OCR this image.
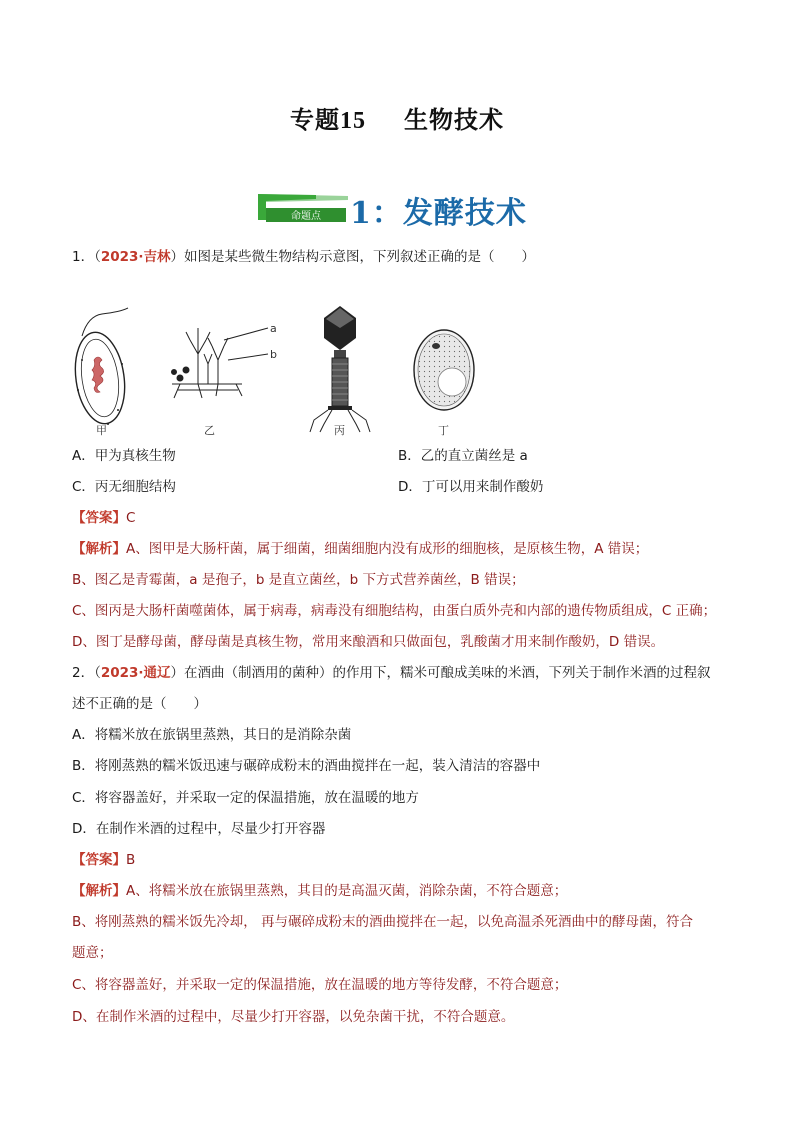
专题15 生物技术
命题点 1：发酵技术
1．（2023·吉林）如图是某些微生物结构示意图，下列叙述正确的是（　　）
甲
a
b
乙	丙	丁
A．甲为真核生物	B．乙的直立菌丝是 a
C．丙无细胞结构	D．丁可以用来制作酸奶
【答案】C
【解析】A、图甲是大肠杆菌，属于细菌，细菌细胞内没有成形的细胞核，是原核生物，A 错误；
B、图乙是青霉菌，a 是孢子，b 是直立菌丝，b 下方式营养菌丝，B 错误；
C、图丙是大肠杆菌噬菌体，属于病毒，病毒没有细胞结构，由蛋白质外壳和内部的遗传物质组成，C 正确；
D、图丁是酵母菌，酵母菌是真核生物，常用来酿酒和只做面包，乳酸菌才用来制作酸奶，D 错误。
2．（2023·通辽）在酒曲（制酒用的菌种）的作用下，糯米可酿成美味的米酒，下列关于制作米酒的过程叙
述不正确的是（　　）
A．将糯米放在旅锅里蒸熟，其日的是消除杂菌
B．将刚蒸熟的糯米饭迅速与碾碎成粉末的酒曲搅拌在一起，装入清洁的容器中
C．将容器盖好，并采取一定的保温措施，放在温暖的地方
D．在制作米酒的过程中，尽量少打开容器
【答案】B
【解析】A、将糯米放在旅锅里蒸熟，其目的是高温灭菌，消除杂菌，不符合题意；
B、将刚蒸熟的糯米饭先冷却， 再与碾碎成粉末的酒曲搅拌在一起，以免高温杀死酒曲中的酵母菌，符合
题意；
C、将容器盖好，并采取一定的保温措施，放在温暖的地方等待发酵，不符合题意；
D、在制作米酒的过程中，尽量少打开容器，以免杂菌干扰，不符合题意。
